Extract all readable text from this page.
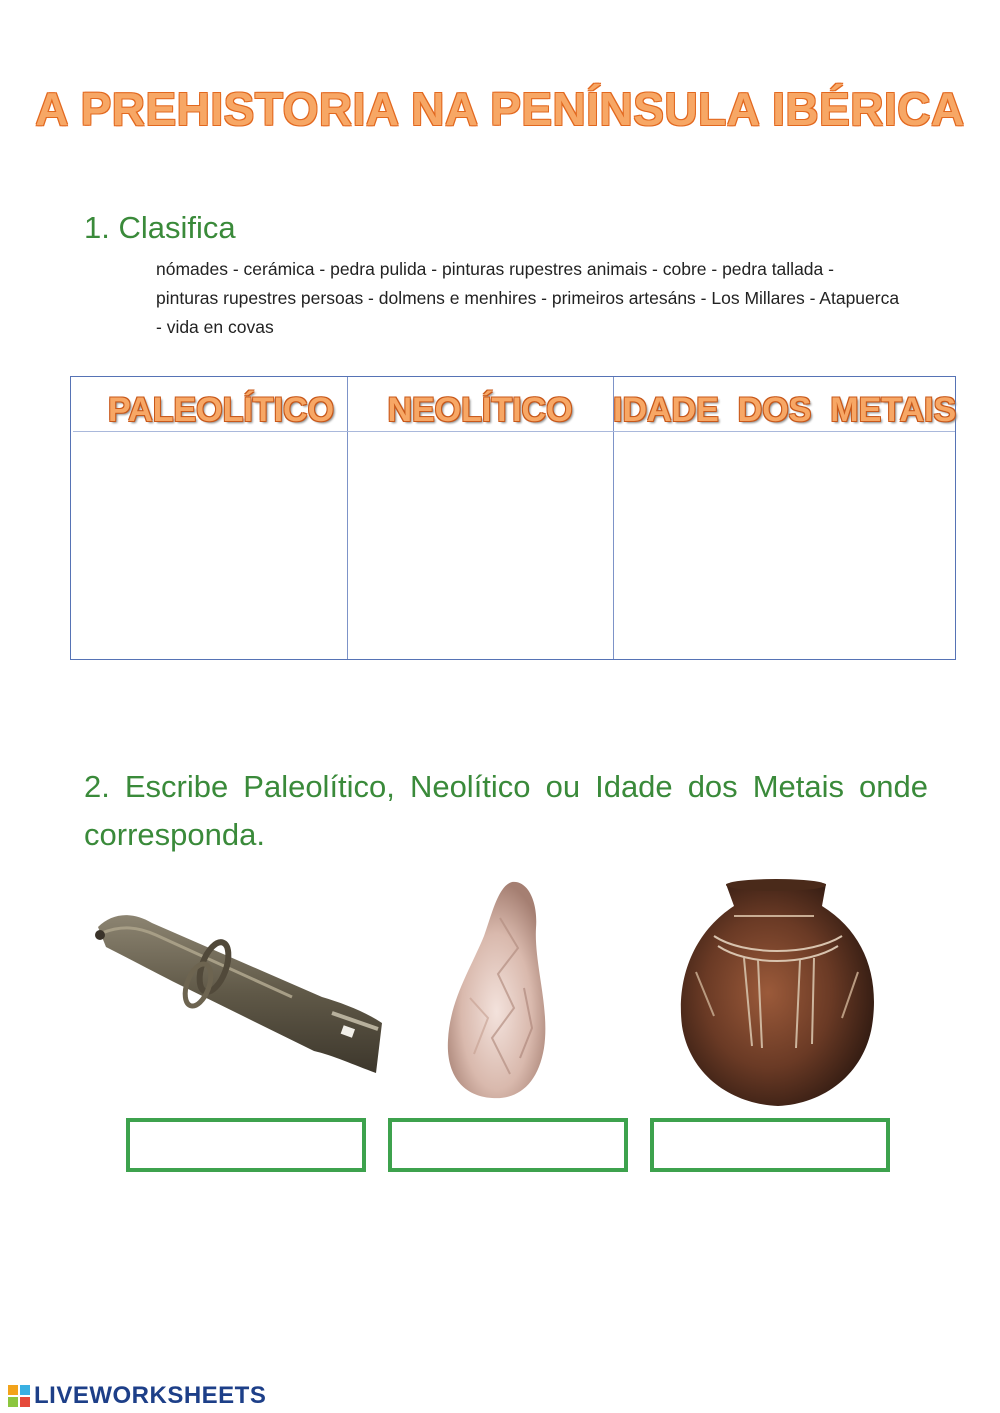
A PREHISTORIA NA PENÍNSULA IBÉRICA
1. Clasifica
nómades - cerámica - pedra pulida - pinturas rupestres animais - cobre - pedra tallada -
pinturas rupestres persoas - dolmens e menhires - primeiros artesáns - Los Millares - Atapuerca
- vida en covas
PALEOLÍTICO	NEOLÍTICO	IDADE  DOS  METAIS
2. Escribe Paleolítico, Neolítico ou Idade dos Metais onde corresponda.
LIVEWORKSHEETS
